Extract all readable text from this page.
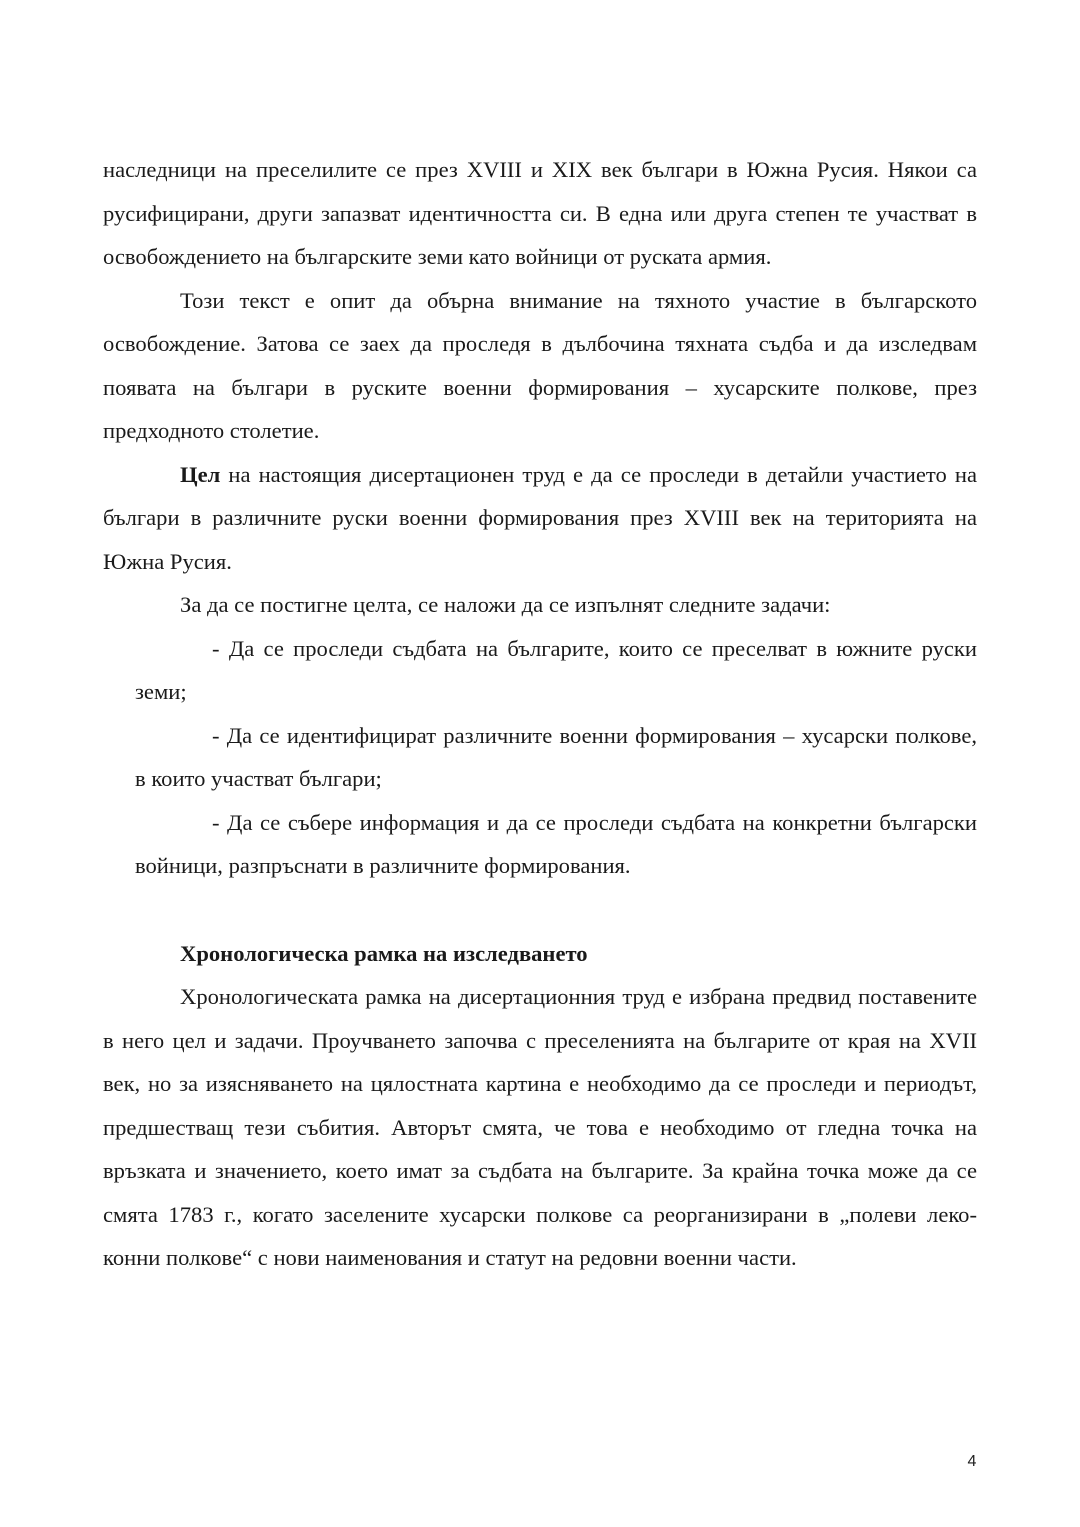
наследници на преселилите се през XVIII и XIX век българи в Южна Русия. Някои са русифицирани, други запазват идентичността си. В една или друга степен те участват в освобождението на българските земи като войници от руската армия.

Този текст е опит да обърна внимание на тяхното участие в българското освобождение. Затова се заех да проследя в дълбочина тяхната съдба и да изследвам появата на българи в руските военни формирования – хусарските полкове, през предходното столетие.

Цел на настоящия дисертационен труд е да се проследи в детайли участието на българи в различните руски военни формирования през XVIII век на територията на Южна Русия.

За да се постигне целта, се наложи да се изпълнят следните задачи:

- Да се проследи съдбата на българите, които се преселват в южните руски земи;

- Да се идентифицират различните военни формирования – хусарски полкове, в които участват българи;

- Да се събере информация и да се проследи съдбата на конкретни български войници, разпръснати в различните формирования.

Хронологическа рамка на изследването

Хронологическата рамка на дисертационния труд е избрана предвид поставените в него цел и задачи. Проучването започва с преселенията на българите от края на XVII век, но за изясняването на цялостната картина е необходимо да се проследи и периодът, предшестващ тези събития. Авторът смята, че това е необходимо от гледна точка на връзката и значението, което имат за съдбата на българите. За крайна точка може да се смята 1783 г., когато заселените хусарски полкове са реорганизирани в „полеви леко-конни полкове“ с нови наименования и статут на редовни военни части.

4
